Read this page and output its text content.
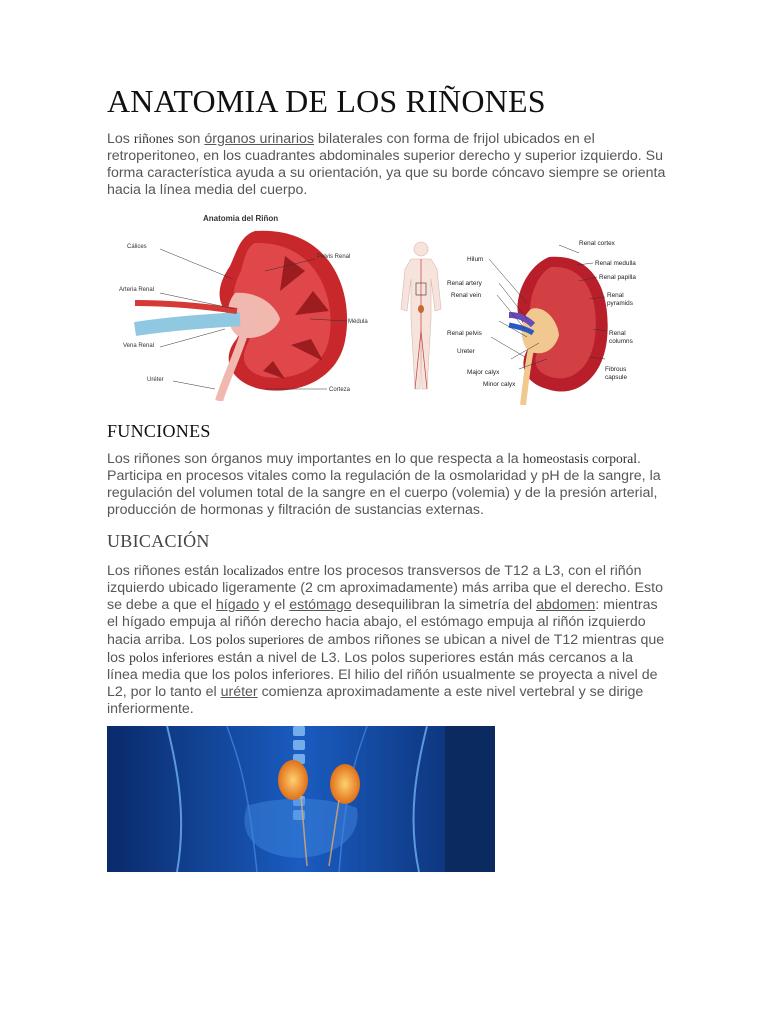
ANATOMIA DE LOS RIÑONES

Los riñones son órganos urinarios bilaterales con forma de frijol ubicados en el retroperitoneo, en los cuadrantes abdominales superior derecho y superior izquierdo. Su forma característica ayuda a su orientación, ya que su borde cóncavo siempre se orienta hacia la línea media del cuerpo.

Anatomia del Riñon
Cálices
Pelvis Renal
Arteria Renal
Médula
Vena Renal
Uréter
Corteza
Renal cortex
Hilum
Renal medulla
Renal papilla
Renal artery
Renal vein	Renal
pyramids
Renal pelvis	Renal
columns
Ureter
Major calyx	Fibrous
capsule
Minor calyx
FUNCIONES

Los riñones son órganos muy importantes en lo que respecta a la homeostasis corporal. Participa en procesos vitales como la regulación de la osmolaridad y pH de la sangre, la regulación del volumen total de la sangre en el cuerpo (volemia) y de la presión arterial, producción de hormonas y filtración de sustancias externas.

UBICACIÓN

Los riñones están localizados entre los procesos transversos de T12 a L3, con el riñón izquierdo ubicado ligeramente (2 cm aproximadamente) más arriba que el derecho. Esto se debe a que el hígado y el estómago desequilibran la simetría del abdomen: mientras el hígado empuja al riñón derecho hacia abajo, el estómago empuja al riñón izquierdo hacia arriba. Los polos superiores de ambos riñones se ubican a nivel de T12 mientras que los polos inferiores están a nivel de L3. Los polos superiores están más cercanos a la línea media que los polos inferiores. El hilio del riñón usualmente se proyecta a nivel de L2, por lo tanto el uréter comienza aproximadamente a este nivel vertebral y se dirige inferiormente.
